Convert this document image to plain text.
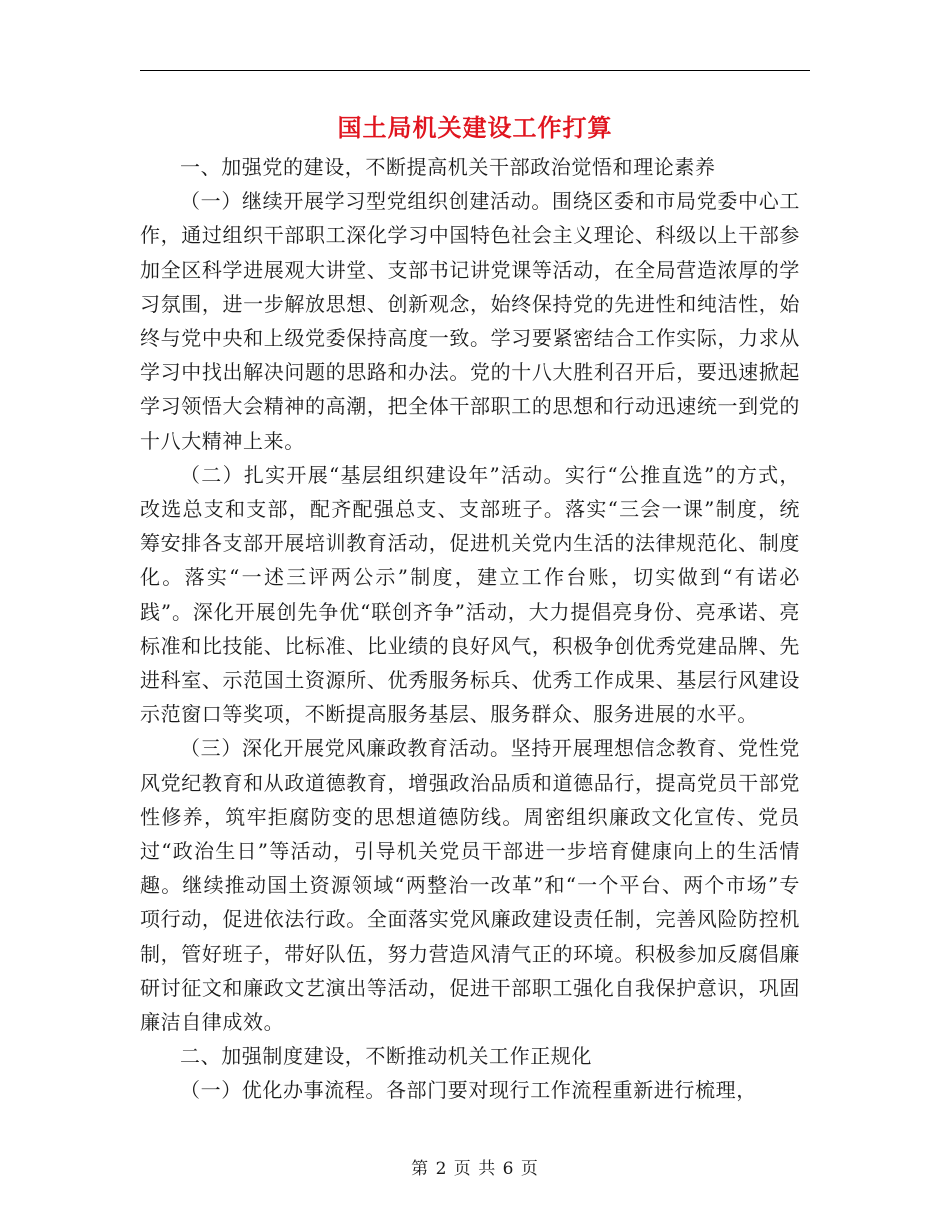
国土局机关建设工作打算

一、加强党的建设，不断提高机关干部政治觉悟和理论素养

（一）继续开展学习型党组织创建活动。围绕区委和市局党委中心工作，通过组织干部职工深化学习中国特色社会主义理论、科级以上干部参加全区科学进展观大讲堂、支部书记讲党课等活动，在全局营造浓厚的学习氛围，进一步解放思想、创新观念，始终保持党的先进性和纯洁性，始终与党中央和上级党委保持高度一致。学习要紧密结合工作实际，力求从学习中找出解决问题的思路和办法。党的十八大胜利召开后，要迅速掀起学习领悟大会精神的高潮，把全体干部职工的思想和行动迅速统一到党的十八大精神上来。

（二）扎实开展“基层组织建设年”活动。实行“公推直选”的方式，改选总支和支部，配齐配强总支、支部班子。落实“三会一课”制度，统筹安排各支部开展培训教育活动，促进机关党内生活的法律规范化、制度化。落实“一述三评两公示”制度，建立工作台账，切实做到“有诺必践”。深化开展创先争优“联创齐争”活动，大力提倡亮身份、亮承诺、亮标准和比技能、比标准、比业绩的良好风气，积极争创优秀党建品牌、先进科室、示范国土资源所、优秀服务标兵、优秀工作成果、基层行风建设示范窗口等奖项，不断提高服务基层、服务群众、服务进展的水平。

（三）深化开展党风廉政教育活动。坚持开展理想信念教育、党性党风党纪教育和从政道德教育，增强政治品质和道德品行，提高党员干部党性修养，筑牢拒腐防变的思想道德防线。周密组织廉政文化宣传、党员过“政治生日”等活动，引导机关党员干部进一步培育健康向上的生活情趣。继续推动国土资源领域“两整治一改革”和“一个平台、两个市场”专项行动，促进依法行政。全面落实党风廉政建设责任制，完善风险防控机制，管好班子，带好队伍，努力营造风清气正的环境。积极参加反腐倡廉研讨征文和廉政文艺演出等活动，促进干部职工强化自我保护意识，巩固廉洁自律成效。

二、加强制度建设，不断推动机关工作正规化

（一）优化办事流程。各部门要对现行工作流程重新进行梳理，

第 2 页 共 6 页
